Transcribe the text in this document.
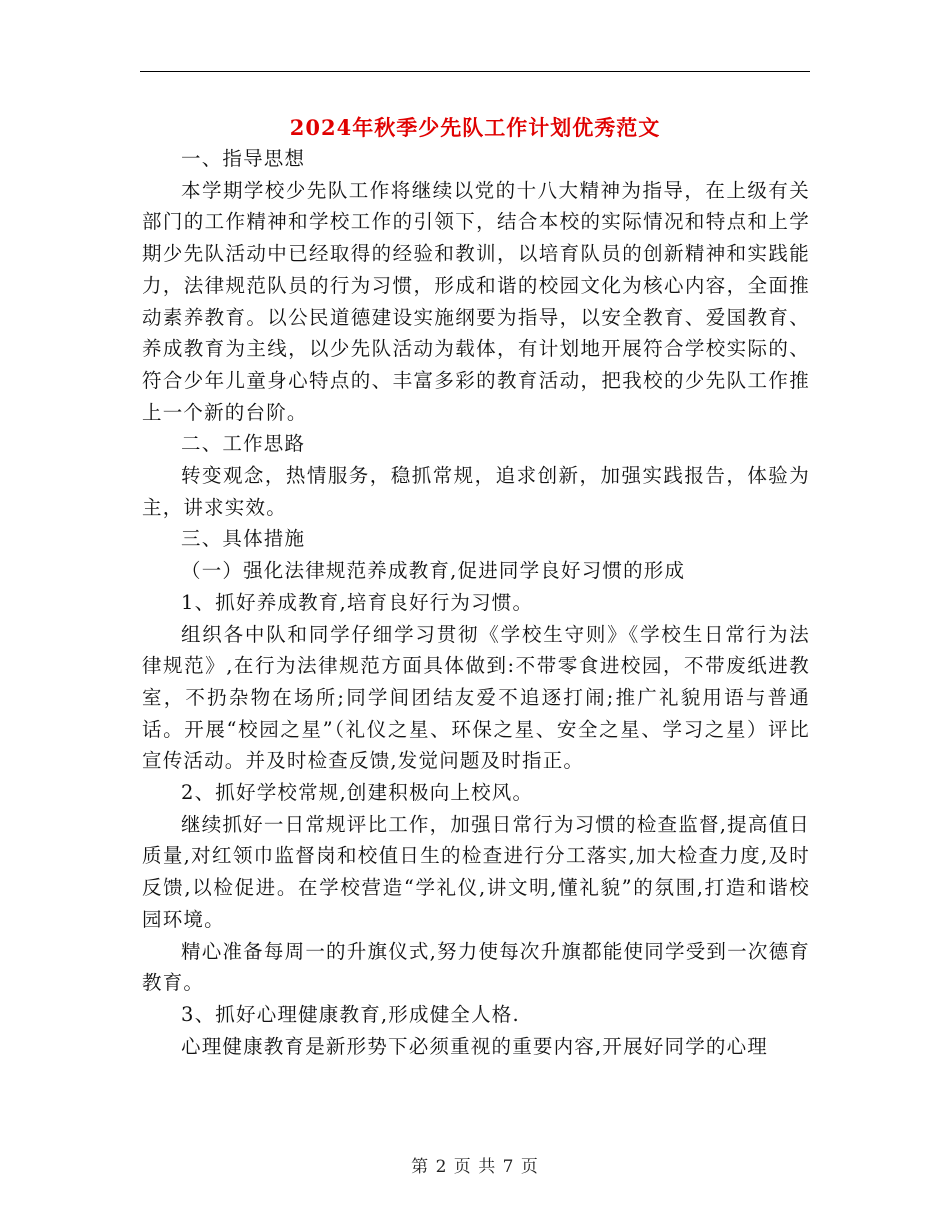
2024年秋季少先队工作计划优秀范文

一、指导思想

本学期学校少先队工作将继续以党的十八大精神为指导，在上级有关部门的工作精神和学校工作的引领下，结合本校的实际情况和特点和上学期少先队活动中已经取得的经验和教训，以培育队员的创新精神和实践能力，法律规范队员的行为习惯，形成和谐的校园文化为核心内容，全面推动素养教育。以公民道德建设实施纲要为指导，以安全教育、爱国教育、养成教育为主线，以少先队活动为载体，有计划地开展符合学校实际的、符合少年儿童身心特点的、丰富多彩的教育活动，把我校的少先队工作推上一个新的台阶。

二、工作思路

转变观念，热情服务，稳抓常规，追求创新，加强实践报告，体验为主，讲求实效。

三、具体措施

（一）强化法律规范养成教育,促进同学良好习惯的形成

1、抓好养成教育,培育良好行为习惯。

组织各中队和同学仔细学习贯彻《学校生守则》《学校生日常行为法律规范》,在行为法律规范方面具体做到:不带零食进校园，不带废纸进教室，不扔杂物在场所;同学间团结友爱不追逐打闹;推广礼貌用语与普通话。开展“校园之星”（礼仪之星、环保之星、安全之星、学习之星）评比宣传活动。并及时检查反馈,发觉问题及时指正。

2、抓好学校常规,创建积极向上校风。

继续抓好一日常规评比工作，加强日常行为习惯的检查监督,提高值日质量,对红领巾监督岗和校值日生的检查进行分工落实,加大检查力度,及时反馈,以检促进。在学校营造“学礼仪,讲文明,懂礼貌”的氛围,打造和谐校园环境。

精心准备每周一的升旗仪式,努力使每次升旗都能使同学受到一次德育教育。

3、抓好心理健康教育,形成健全人格.

心理健康教育是新形势下必须重视的重要内容,开展好同学的心理

第 2 页 共 7 页
